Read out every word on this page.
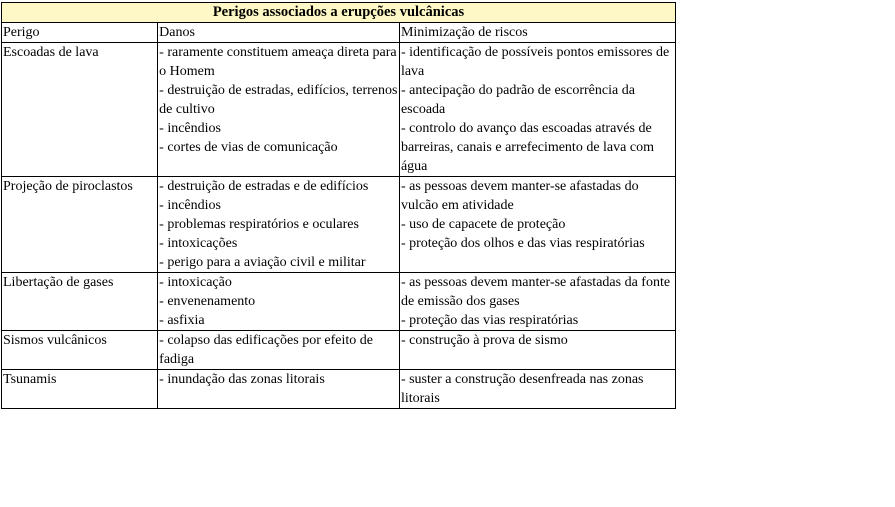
Perigos associados a erupções vulcânicas		
Perigo	Danos	Minimização de riscos
Escoadas de lava	- raramente constituem ameaça direta para o Homem
- destruição de estradas, edifícios, terrenos de cultivo
- incêndios
- cortes de vias de comunicação	- identificação de possíveis pontos emissores de lava
- antecipação do padrão de escorrência da escoada
- controlo do avanço das escoadas através de barreiras, canais e arrefecimento de lava com água

Projeção de piroclastos	- destruição de estradas e de edifícios
- incêndios
- problemas respiratórios e oculares
- intoxicações
- perigo para a aviação civil e militar	- as pessoas devem manter-se afastadas do vulcão em atividade
- uso de capacete de proteção
- proteção dos olhos e das vias respiratórias

Libertação de gases	- intoxicação
- envenenamento
- asfixia	- as pessoas devem manter-se afastadas da fonte de emissão dos gases
- proteção das vias respiratórias

Sismos vulcânicos	- colapso das edificações por efeito de fadiga	- construção à prova de sismo

Tsunamis	- inundação das zonas litorais	- suster a construção desenfreada nas zonas litorais
